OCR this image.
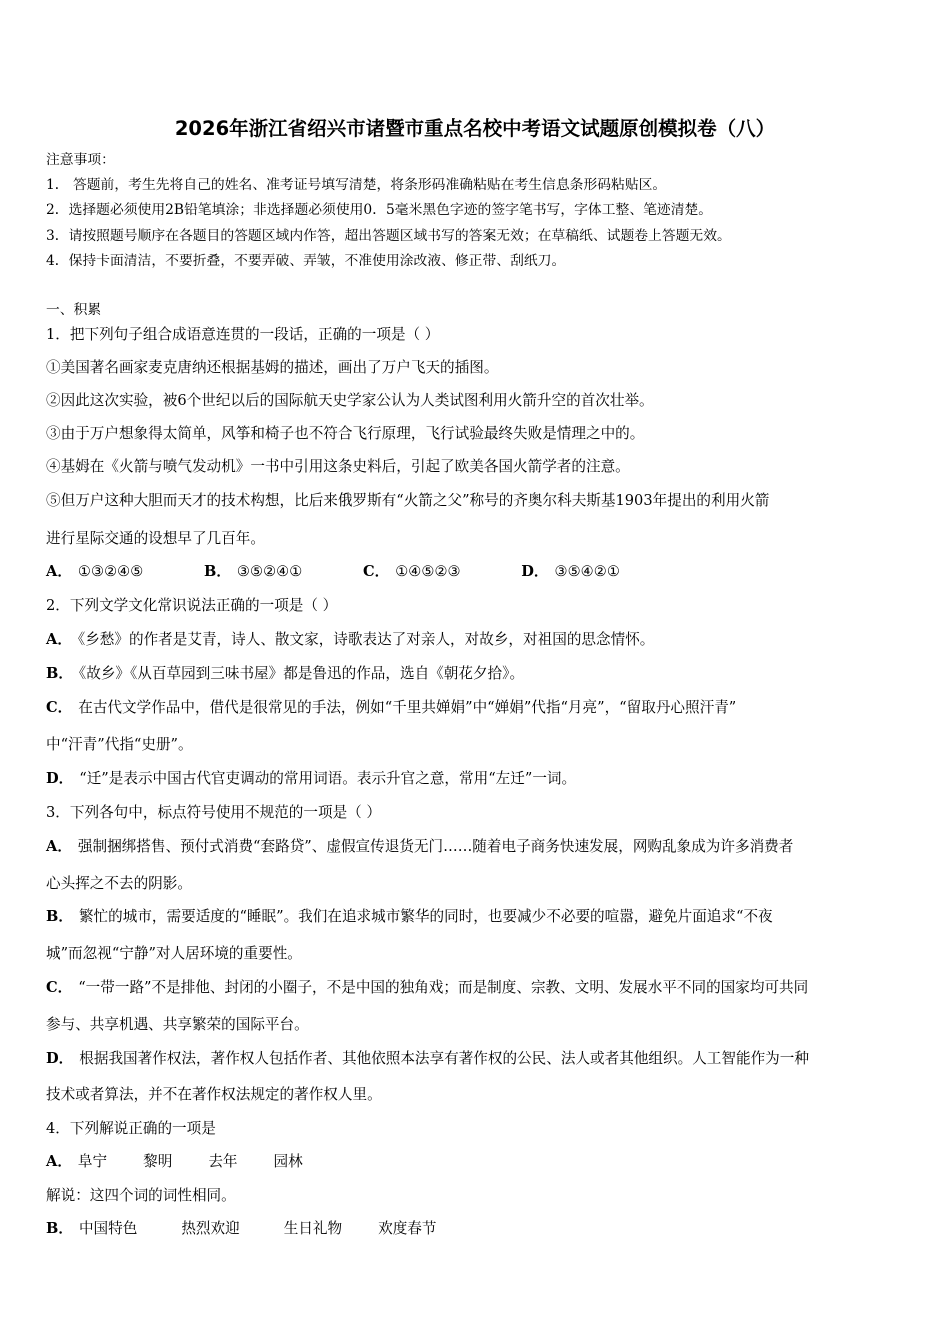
2026年浙江省绍兴市诸暨市重点名校中考语文试题原创模拟卷（八）
注意事项：
1． 答题前，考生先将自己的姓名、准考证号填写清楚，将条形码准确粘贴在考生信息条形码粘贴区。
2．选择题必须使用2B铅笔填涂；非选择题必须使用0．5毫米黑色字迹的签字笔书写，字体工整、笔迹清楚。
3．请按照题号顺序在各题目的答题区域内作答，超出答题区域书写的答案无效；在草稿纸、试题卷上答题无效。
4．保持卡面清洁，不要折叠，不要弄破、弄皱，不准使用涂改液、修正带、刮纸刀。
一、积累
1．把下列句子组合成语意连贯的一段话，正确的一项是（ ）
①美国著名画家麦克唐纳还根据基姆的描述，画出了万户飞天的插图。
②因此这次实验，被6个世纪以后的国际航天史学家公认为人类试图利用火箭升空的首次壮举。
③由于万户想象得太简单，风筝和椅子也不符合飞行原理，飞行试验最终失败是情理之中的。
④基姆在《火箭与喷气发动机》一书中引用这条史料后，引起了欧美各国火箭学者的注意。
⑤但万户这种大胆而天才的技术构想，比后来俄罗斯有“火箭之父”称号的齐奥尔科夫斯基1903年提出的利用火箭
进行星际交通的设想早了几百年。
A． ①③②④⑤	B． ③⑤②④①	C． ①④⑤②③	D． ③⑤④②①
2．下列文学文化常识说法正确的一项是（ ）
A． 《乡愁》的作者是艾青，诗人、散文家，诗歌表达了对亲人，对故乡，对祖国的思念情怀。
B． 《故乡》《从百草园到三味书屋》都是鲁迅的作品，选自《朝花夕拾》。
C． 在古代文学作品中，借代是很常见的手法，例如“千里共婵娟”中“婵娟”代指“月亮”，“留取丹心照汗青”
中“汗青”代指“史册”。
D． “迁”是表示中国古代官吏调动的常用词语。表示升官之意，常用“左迁”一词。
3．下列各句中，标点符号使用不规范的一项是（ ）
A． 强制捆绑搭售、预付式消费“套路贷”、虚假宣传退货无门……随着电子商务快速发展，网购乱象成为许多消费者
心头挥之不去的阴影。
B． 繁忙的城市，需要适度的“睡眠”。我们在追求城市繁华的同时，也要减少不必要的喧嚣，避免片面追求“不夜
城”而忽视“宁静”对人居环境的重要性。
C． “一带一路”不是排他、封闭的小圈子，不是中国的独角戏；而是制度、宗教、文明、发展水平不同的国家均可共同
参与、共享机遇、共享繁荣的国际平台。
D． 根据我国著作权法，著作权人包括作者、其他依照本法享有著作权的公民、法人或者其他组织。人工智能作为一种
技术或者算法，并不在著作权法规定的著作权人里。
4．下列解说正确的一项是
A． 阜宁 黎明 去年 园林
解说：这四个词的词性相同。
B． 中国特色	热烈欢迎	生日礼物 欢度春节
